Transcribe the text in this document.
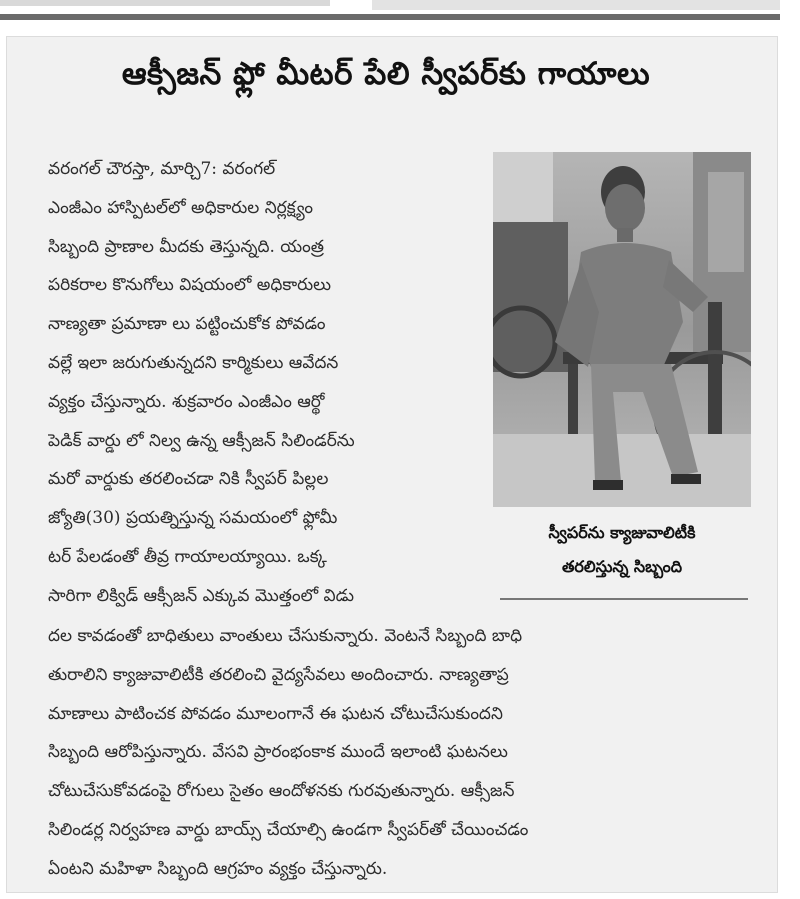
ఆక్సీజన్ ఫ్లో మీటర్ పేలి స్వీపర్‌కు గాయాలు
వరంగల్ చౌరస్తా, మార్చి7: వరంగల్
ఎంజీఎం హాస్పిటల్‌లో అధికారుల నిర్లక్ష్యం
సిబ్బంది ప్రాణాల మీదకు తెస్తున్నది. యంత్ర
పరికరాల కొనుగోలు విషయంలో అధికారులు
నాణ్యతా ప్రమాణా లు పట్టించుకోక పోవడం
వల్లే ఇలా జరుగుతున్నదని కార్మికులు ఆవేదన
వ్యక్తం చేస్తున్నారు. శుక్రవారం ఎంజీఎం ఆర్థో
పెడిక్ వార్డు లో నిల్వ ఉన్న ఆక్సీజన్ సిలిండర్‌ను
మరో వార్డుకు తరలించడా నికి స్వీపర్ పిల్లల
జ్యోతి(30) ప్రయత్నిస్తున్న సమయంలో ఫ్లోమీ
టర్ పేలడంతో తీవ్ర గాయాలయ్యాయి. ఒక్క
సారిగా లిక్విడ్ ఆక్సీజన్ ఎక్కువ మొత్తంలో విడు
స్వీపర్‌ను క్యాజువాలిటీకి
తరలిస్తున్న సిబ్బంది
దల కావడంతో బాధితులు వాంతులు చేసుకున్నారు. వెంటనే సిబ్బంది బాధి
తురాలిని క్యాజువాలిటీకి తరలించి వైద్యసేవలు అందించారు. నాణ్యతాప్ర
మాణాలు పాటించక పోవడం మూలంగానే ఈ ఘటన చోటుచేసుకుందని
సిబ్బంది ఆరోపిస్తున్నారు. వేసవి ప్రారంభంకాక ముందే ఇలాంటి ఘటనలు
చోటుచేసుకోవడంపై రోగులు సైతం ఆందోళనకు గురవుతున్నారు. ఆక్సీజన్
సిలిండర్ల నిర్వహణ వార్డు బాయ్స్ చేయాల్సి ఉండగా స్వీపర్‌తో చేయించడం
ఏంటని మహిళా సిబ్బంది ఆగ్రహం వ్యక్తం చేస్తున్నారు.
